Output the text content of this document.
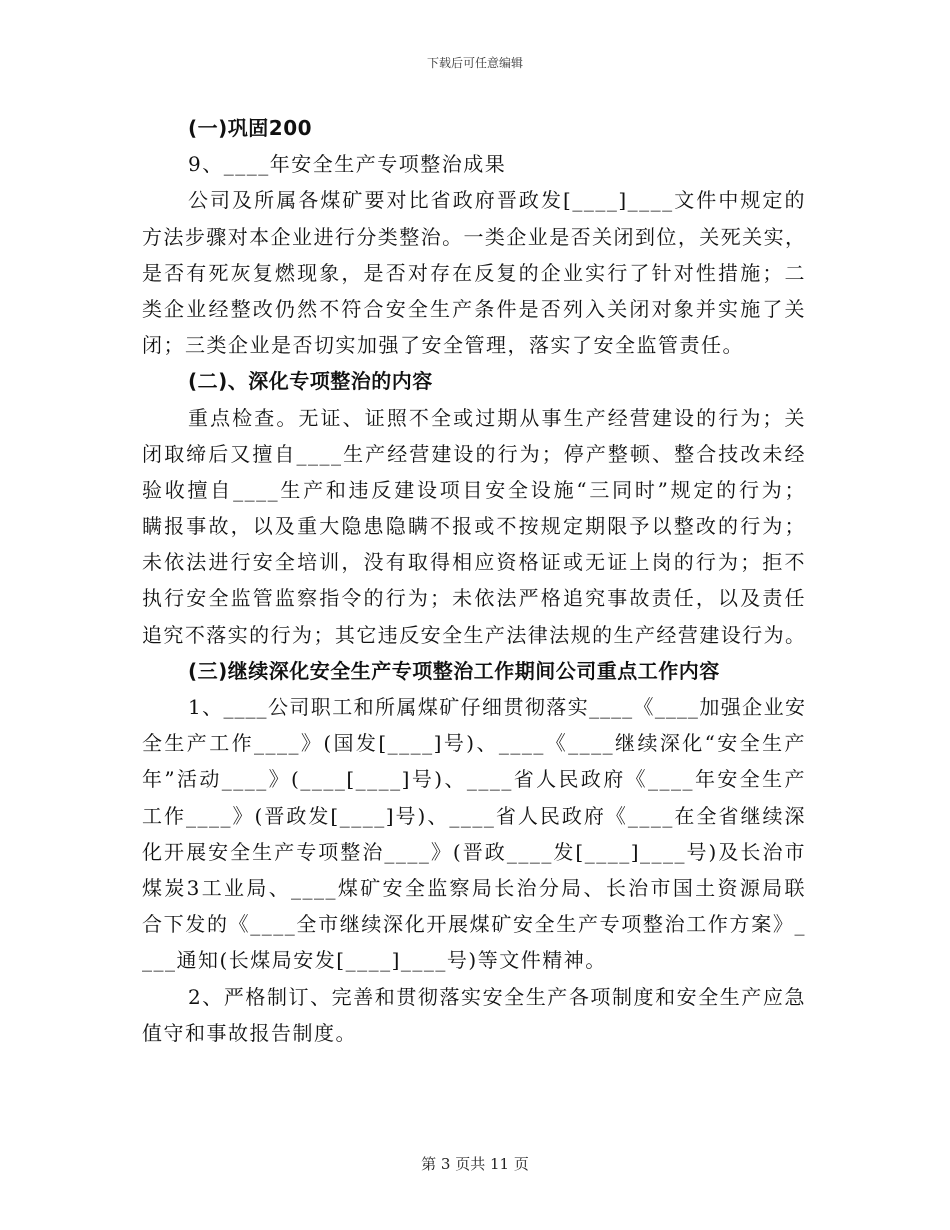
下载后可任意编辑
(一)巩固200
9、____年安全生产专项整治成果
公司及所属各煤矿要对比省政府晋政发[____]____文件中规定的
方法步骤对本企业进行分类整治。一类企业是否关闭到位，关死关实，
是否有死灰复燃现象，是否对存在反复的企业实行了针对性措施；二
类企业经整改仍然不符合安全生产条件是否列入关闭对象并实施了关
闭；三类企业是否切实加强了安全管理，落实了安全监管责任。
(二)、深化专项整治的内容
重点检查。无证、证照不全或过期从事生产经营建设的行为；关
闭取缔后又擅自____生产经营建设的行为；停产整顿、整合技改未经
验收擅自____生产和违反建设项目安全设施“三同时”规定的行为；
瞒报事故，以及重大隐患隐瞒不报或不按规定期限予以整改的行为；
未依法进行安全培训，没有取得相应资格证或无证上岗的行为；拒不
执行安全监管监察指令的行为；未依法严格追究事故责任，以及责任
追究不落实的行为；其它违反安全生产法律法规的生产经营建设行为。
(三)继续深化安全生产专项整治工作期间公司重点工作内容
1、____公司职工和所属煤矿仔细贯彻落实____《____加强企业安
全生产工作____》(国发[____]号)、____《____继续深化“安全生产
年”活动____》(____[____]号)、____省人民政府《____年安全生产
工作____》(晋政发[____]号)、____省人民政府《____在全省继续深
化开展安全生产专项整治____》(晋政____发[____]____号)及长治市
煤炭3工业局、____煤矿安全监察局长治分局、长治市国土资源局联
合下发的《____全市继续深化开展煤矿安全生产专项整治工作方案》_
___通知(长煤局安发[____]____号)等文件精神。
2、严格制订、完善和贯彻落实安全生产各项制度和安全生产应急
值守和事故报告制度。
第 3 页共 11 页
